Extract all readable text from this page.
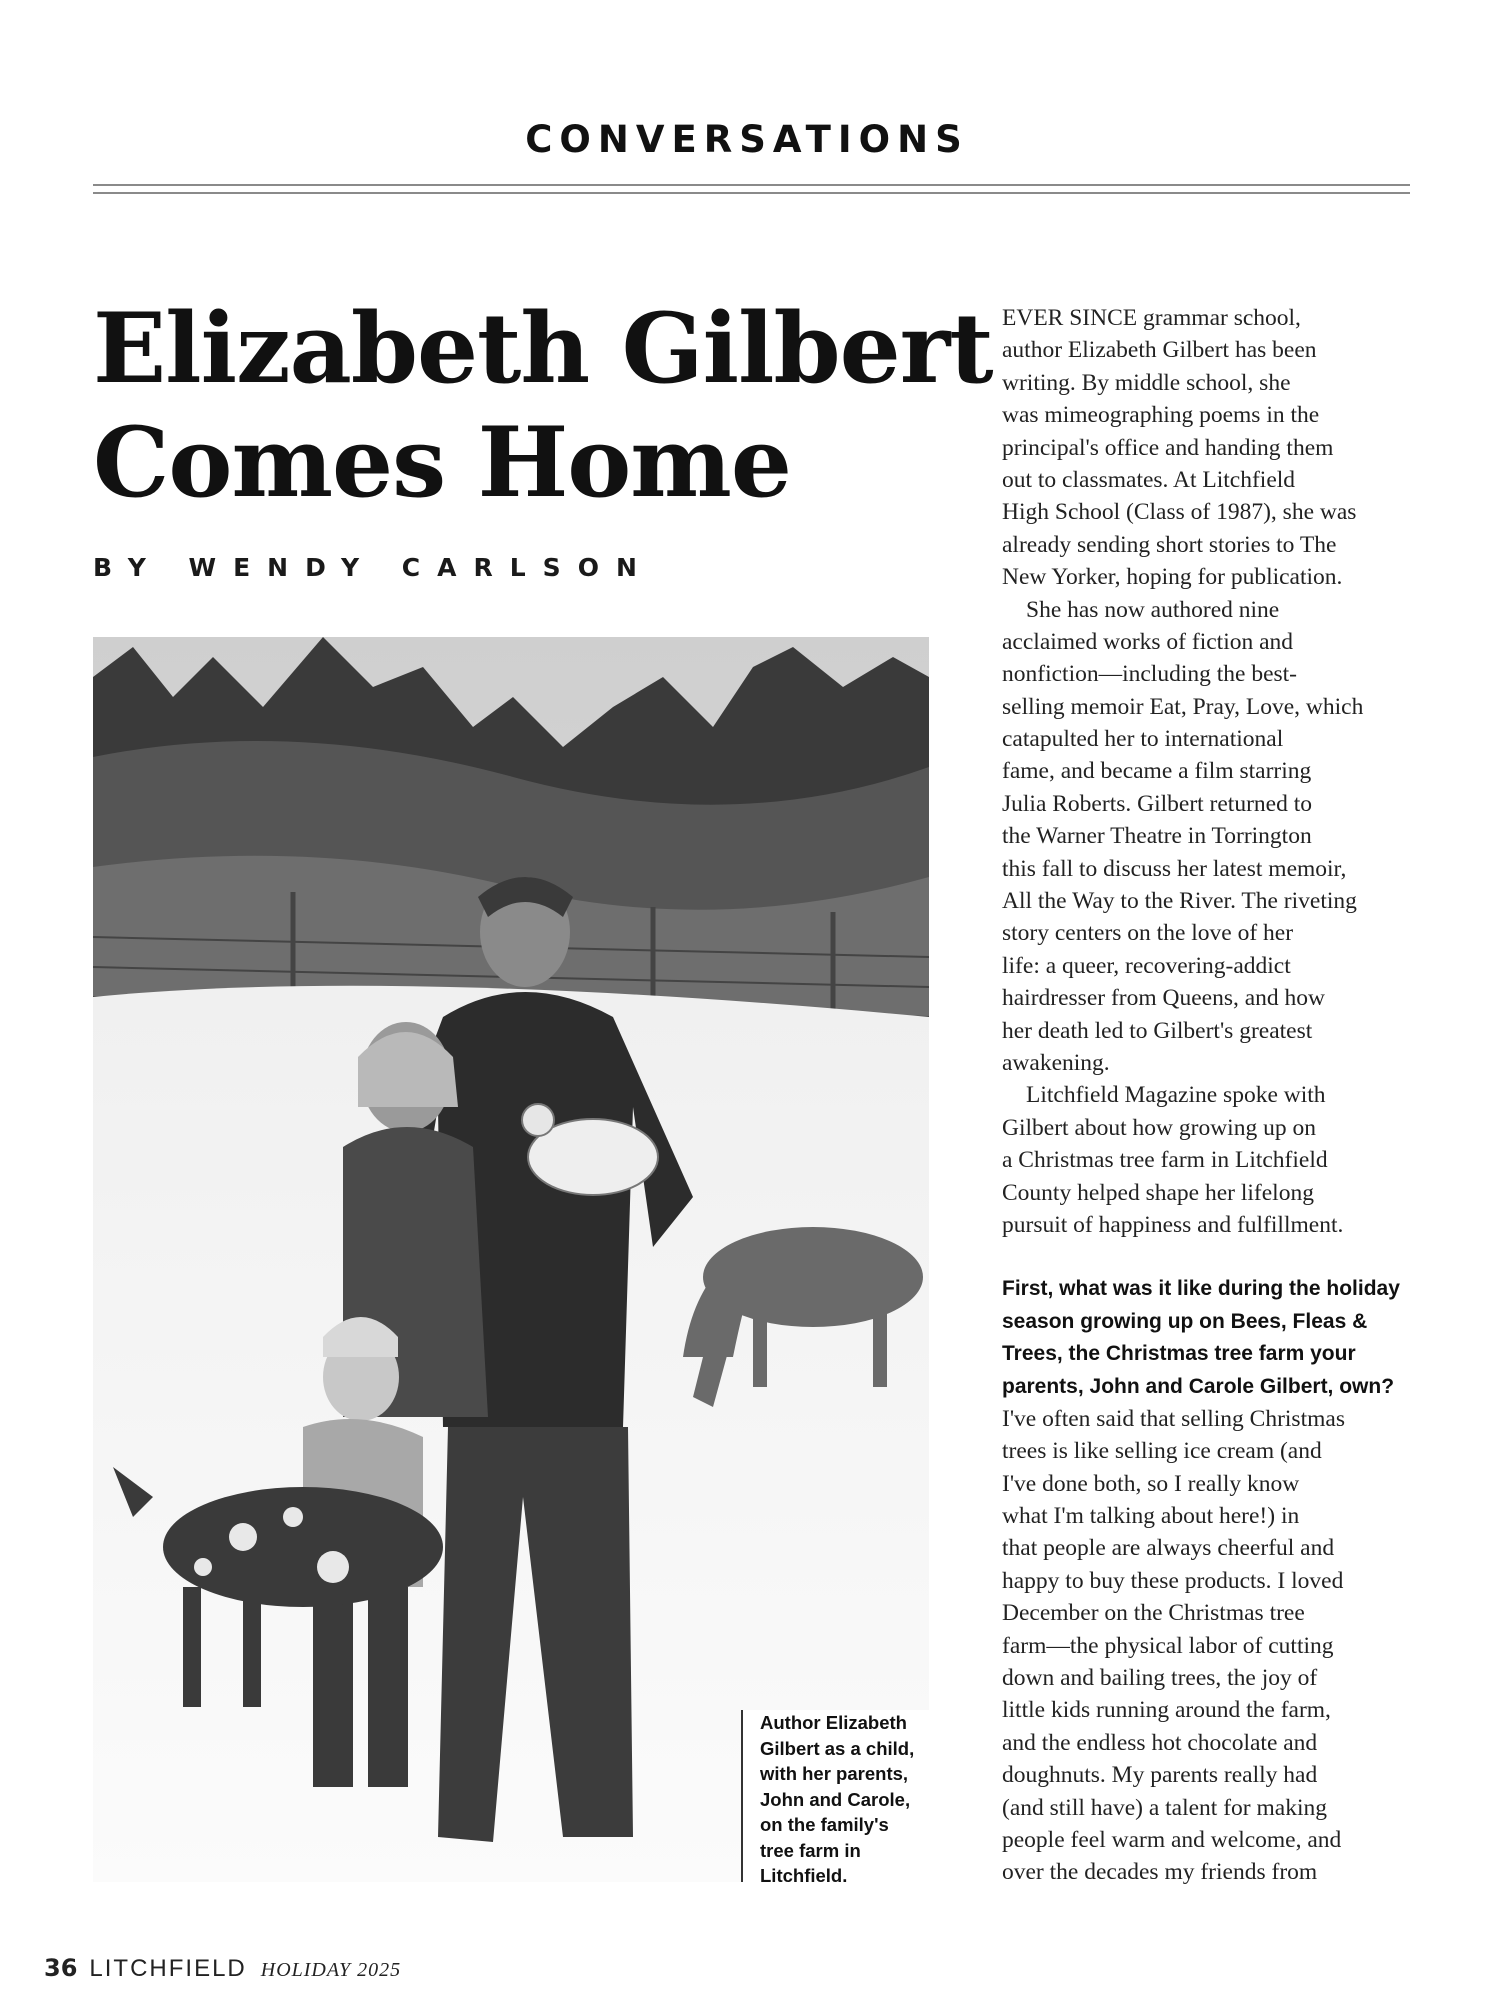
CONVERSATIONS
Elizabeth Gilbert
Comes Home
BY WENDY CARLSON
Author Elizabeth
Gilbert as a child,
with her parents,
John and Carole,
on the family's
tree farm in
Litchfield.
EVER SINCE grammar school,
author Elizabeth Gilbert has been
writing. By middle school, she
was mimeographing poems in the
principal's office and handing them
out to classmates. At Litchfield
High School (Class of 1987), she was
already sending short stories to The
New Yorker, hoping for publication.
She has now authored nine
acclaimed works of fiction and
nonfiction—including the best-
selling memoir Eat, Pray, Love, which
catapulted her to international
fame, and became a film starring
Julia Roberts. Gilbert returned to
the Warner Theatre in Torrington
this fall to discuss her latest memoir,
All the Way to the River. The riveting
story centers on the love of her
life: a queer, recovering-addict
hairdresser from Queens, and how
her death led to Gilbert's greatest
awakening.
Litchfield Magazine spoke with
Gilbert about how growing up on
a Christmas tree farm in Litchfield
County helped shape her lifelong
pursuit of happiness and fulfillment.
First, what was it like during the holiday
season growing up on Bees, Fleas &
Trees, the Christmas tree farm your
parents, John and Carole Gilbert, own?
I've often said that selling Christmas
trees is like selling ice cream (and
I've done both, so I really know
what I'm talking about here!) in
that people are always cheerful and
happy to buy these products. I loved
December on the Christmas tree
farm—the physical labor of cutting
down and bailing trees, the joy of
little kids running around the farm,
and the endless hot chocolate and
doughnuts. My parents really had
(and still have) a talent for making
people feel warm and welcome, and
over the decades my friends from
36 LITCHFIELD HOLIDAY 2025
